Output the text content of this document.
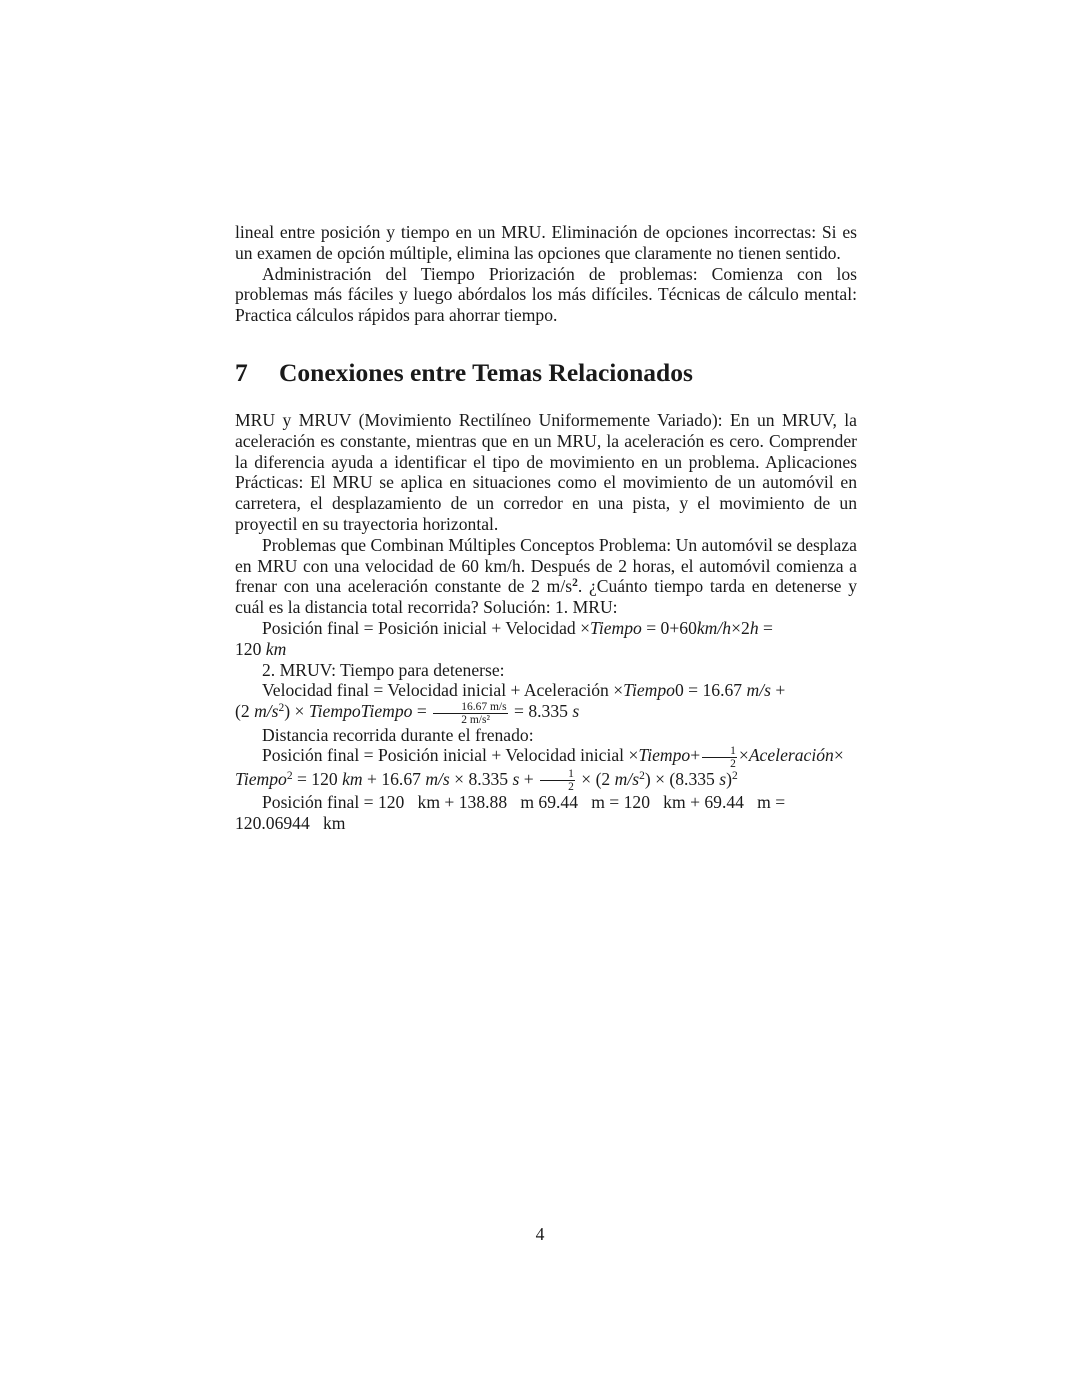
lineal entre posición y tiempo en un MRU. Eliminación de opciones incorrectas: Si es un examen de opción múltiple, elimina las opciones que claramente no tienen sentido.

Administración del Tiempo Priorización de problemas: Comienza con los problemas más fáciles y luego abórdalos los más difíciles. Técnicas de cálculo mental: Practica cálculos rápidos para ahorrar tiempo.

7 Conexiones entre Temas Relacionados

MRU y MRUV (Movimiento Rectilíneo Uniformemente Variado): En un MRUV, la aceleración es constante, mientras que en un MRU, la aceleración es cero. Comprender la diferencia ayuda a identificar el tipo de movimiento en un problema. Aplicaciones Prácticas: El MRU se aplica en situaciones como el movimiento de un automóvil en carretera, el desplazamiento de un corredor en una pista, y el movimiento de un proyectil en su trayectoria horizontal.

Problemas que Combinan Múltiples Conceptos Problema: Un automóvil se desplaza en MRU con una velocidad de 60 km/h. Después de 2 horas, el automóvil comienza a frenar con una aceleración constante de 2 $m/s^2$. ¿Cuánto tiempo tarda en detenerse y cuál es la distancia total recorrida? Solución: 1. MRU:

Posición final = Posición inicial + Velocidad ×Tiempo = 0+60km/h×2h =
120 km

2. MRUV: Tiempo para detenerse:

Velocidad final = Velocidad inicial + Aceleración ×Tiempo0 = 16.67 m/s +
(2 $m/s^2$) × TiempoTiempo = $\frac{16.67 m/s}{\text{2 m/s²}} = 8.335$ s

Distancia recorrida durante el frenado:

Posición final = Posición inicial + Velocidad inicial ×Tiempo+ $\frac{1}{2}$ ×Aceleración×
Tiempo$^2$ = 120 km + 16.67 m/s × 8.335 $s + \frac{1}{2} \times (2$ $m/s^2) \times (8.335$ s)$^2$

Posición final = 120   km + 138.88   m 69.44   m = 120   km + 69.44   m =
120.06944   km

4
